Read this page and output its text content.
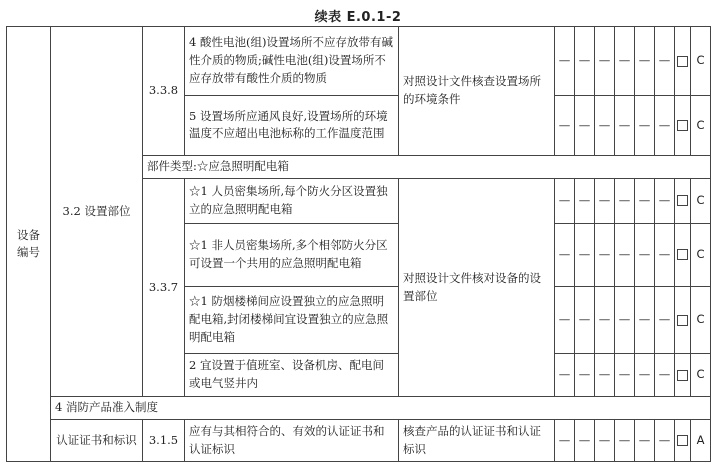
续表 E.0.1-2
设备
编号	3.2 设置部位	3.3.8	4 酸性电池(组)设置场所不应存放带有碱性介质的物质;碱性电池(组)设置场所不应存放带有酸性介质的物质	对照设计文件核查设置场所的环境条件	—	—	—	—	—	—		C
			5 设置场所应通风良好,设置场所的环境温度不应超出电池标称的工作温度范围		—	—	—	—	—	—		C
		部件类型:☆应急照明配电箱										
		3.3.7	☆1 人员密集场所,每个防火分区设置独立的应急照明配电箱	对照设计文件核对设备的设置部位	—	—	—	—	—	—		C
			☆1 非人员密集场所,多个相邻防火分区可设置一个共用的应急照明配电箱		—	—	—	—	—	—		C
			☆1 防烟楼梯间应设置独立的应急照明配电箱,封闭楼梯间宜设置独立的应急照明配电箱		—	—	—	—	—	—		C
			2 宜设置于值班室、设备机房、配电间或电气竖井内		—	—	—	—	—	—		C
	4 消防产品准入制度											
	认证证书和标识	3.1.5	应有与其相符合的、有效的认证证书和认证标识	核查产品的认证证书和认证标识	—	—	—	—	—	—		A
